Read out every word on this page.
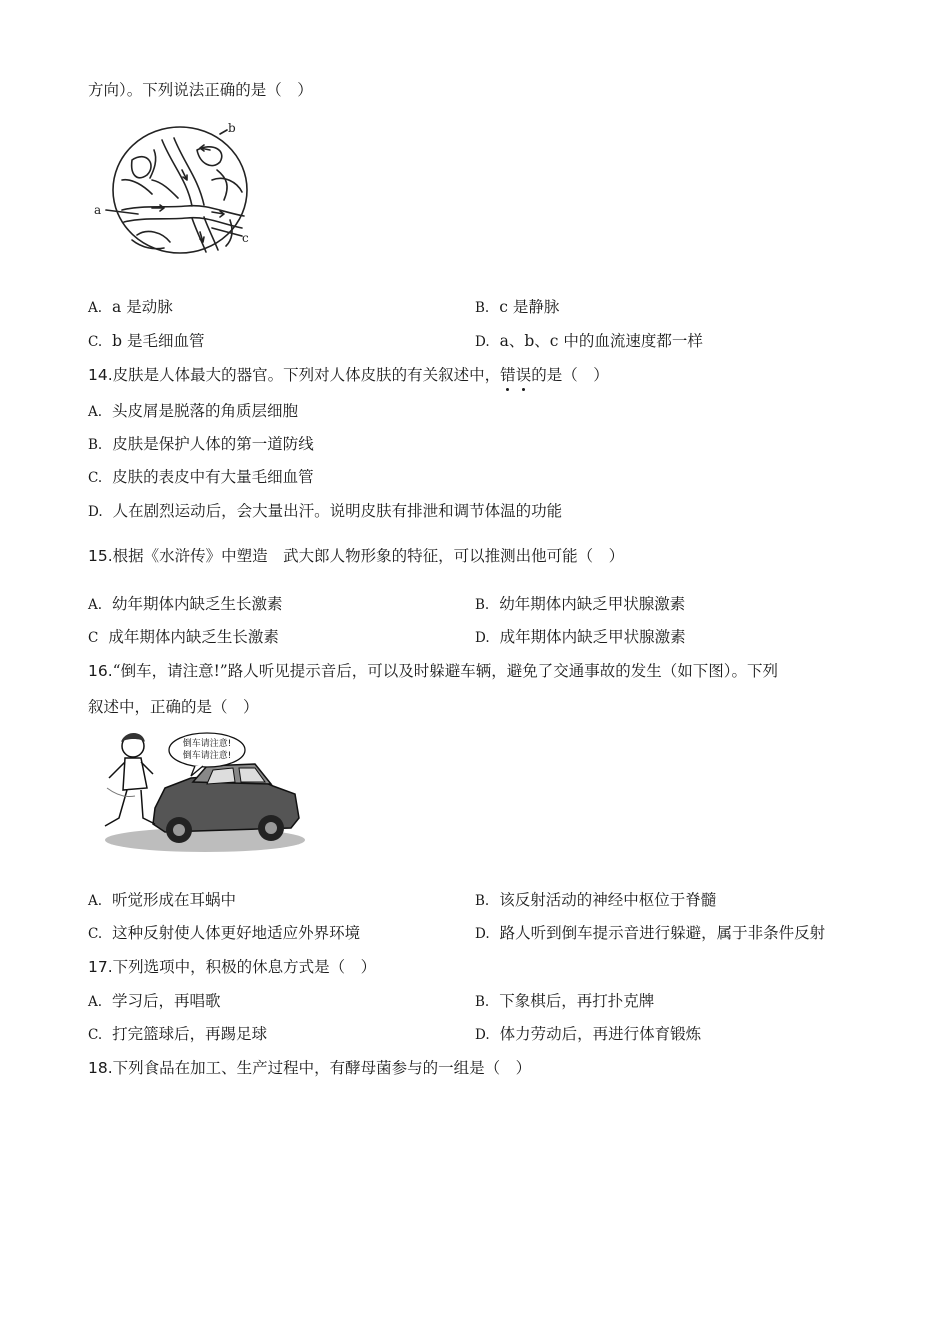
方向）。下列说法正确的是（　）
a
b
c
A. a 是动脉	B. c 是静脉
C. b 是毛细血管	D. a、b、c 中的血流速度都一样
14.皮肤是人体最大的器官。下列对人体皮肤的有关叙述中，错误的是（　）
A. 头皮屑是脱落的角质层细胞
B. 皮肤是保护人体的第一道防线
C. 皮肤的表皮中有大量毛细血管
D. 人在剧烈运动后，会大量出汗。说明皮肤有排泄和调节体温的功能
15.根据《水浒传》中塑造　武大郎人物形象的特征，可以推测出他可能（　）
A. 幼年期体内缺乏生长激素	B. 幼年期体内缺乏甲状腺激素
C 成年期体内缺乏生长激素	D. 成年期体内缺乏甲状腺激素
16.“倒车，请注意!”路人听见提示音后，可以及时躲避车辆，避免了交通事故的发生（如下图）。下列
叙述中，正确的是（　）
倒车请注意!
倒车请注意!
A. 听觉形成在耳蜗中	B. 该反射活动的神经中枢位于脊髓
C. 这种反射使人体更好地适应外界环境	D. 路人听到倒车提示音进行躲避，属于非条件反射
17.下列选项中，积极的休息方式是（　）
A. 学习后，再唱歌	B. 下象棋后，再打扑克牌
C. 打完篮球后，再踢足球	D. 体力劳动后，再进行体育锻炼
18.下列食品在加工、生产过程中，有酵母菌参与的一组是（　）
